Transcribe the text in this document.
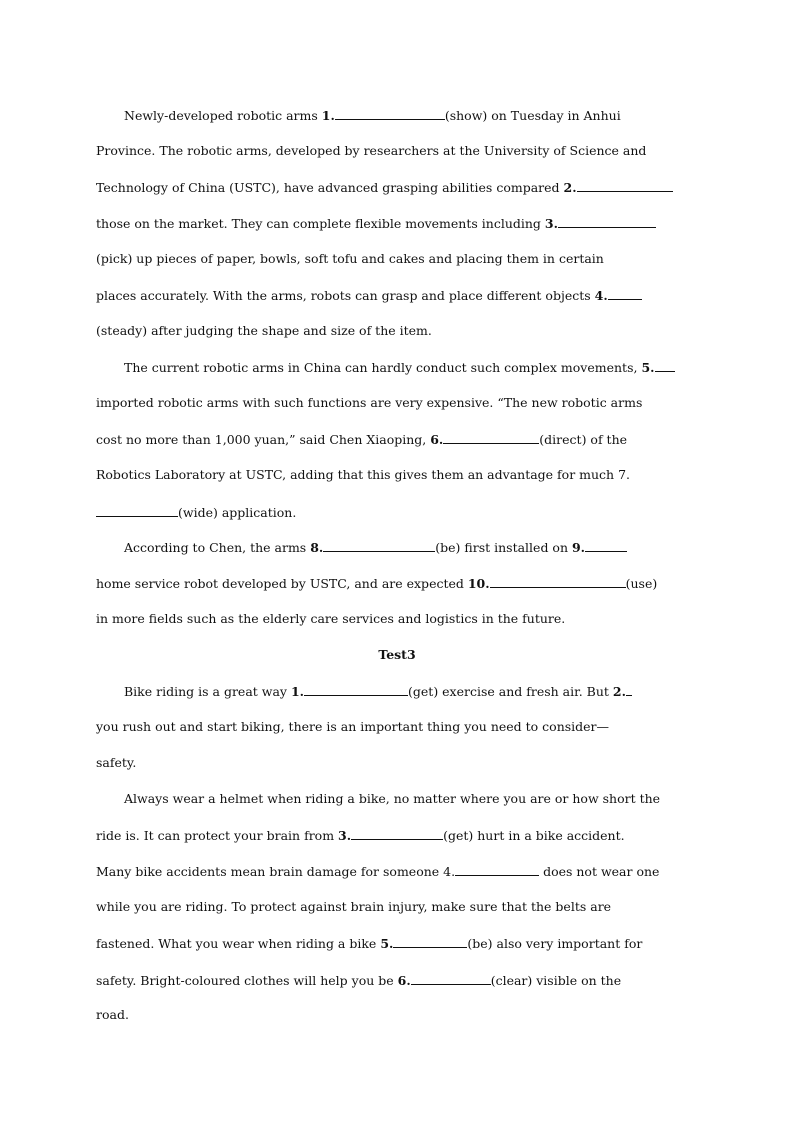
Newly-developed robotic arms 1.	(show) on Tuesday in Anhui
Province. The robotic arms, developed by researchers at the University of Science and
Technology of China (USTC), have advanced grasping abilities compared 2.
those on the market. They can complete flexible movements including 3.
(pick) up pieces of paper, bowls, soft tofu and cakes and placing them in certain
places accurately. With the arms, robots can grasp and place different objects 4.
(steady) after judging the shape and size of the item.
The current robotic arms in China can hardly conduct such complex movements, 5.
imported robotic arms with such functions are very expensive. “The new robotic arms
cost no more than 1,000 yuan,” said Chen Xiaoping, 6.	(direct) of the
Robotics Laboratory at USTC, adding that this gives them an advantage for much 7.
(wide) application.
According to Chen, the arms 8.	(be) first installed on 9.
home service robot developed by USTC, and are expected 10.	(use)
in more fields such as the elderly care services and logistics in the future.
Test3
Bike riding is a great way 1.	(get) exercise and fresh air. But 2.
you rush out and start biking, there is an important thing you need to consider—
safety.
Always wear a helmet when riding a bike, no matter where you are or how short the
ride is. It can protect your brain from 3.	(get) hurt in a bike accident.
Many bike accidents mean brain damage for someone 4.	does not wear one
while you are riding. To protect against brain injury, make sure that the belts are
fastened. What you wear when riding a bike 5.	(be) also very important for
safety. Bright-coloured clothes will help you be 6.	(clear) visible on the
road.
